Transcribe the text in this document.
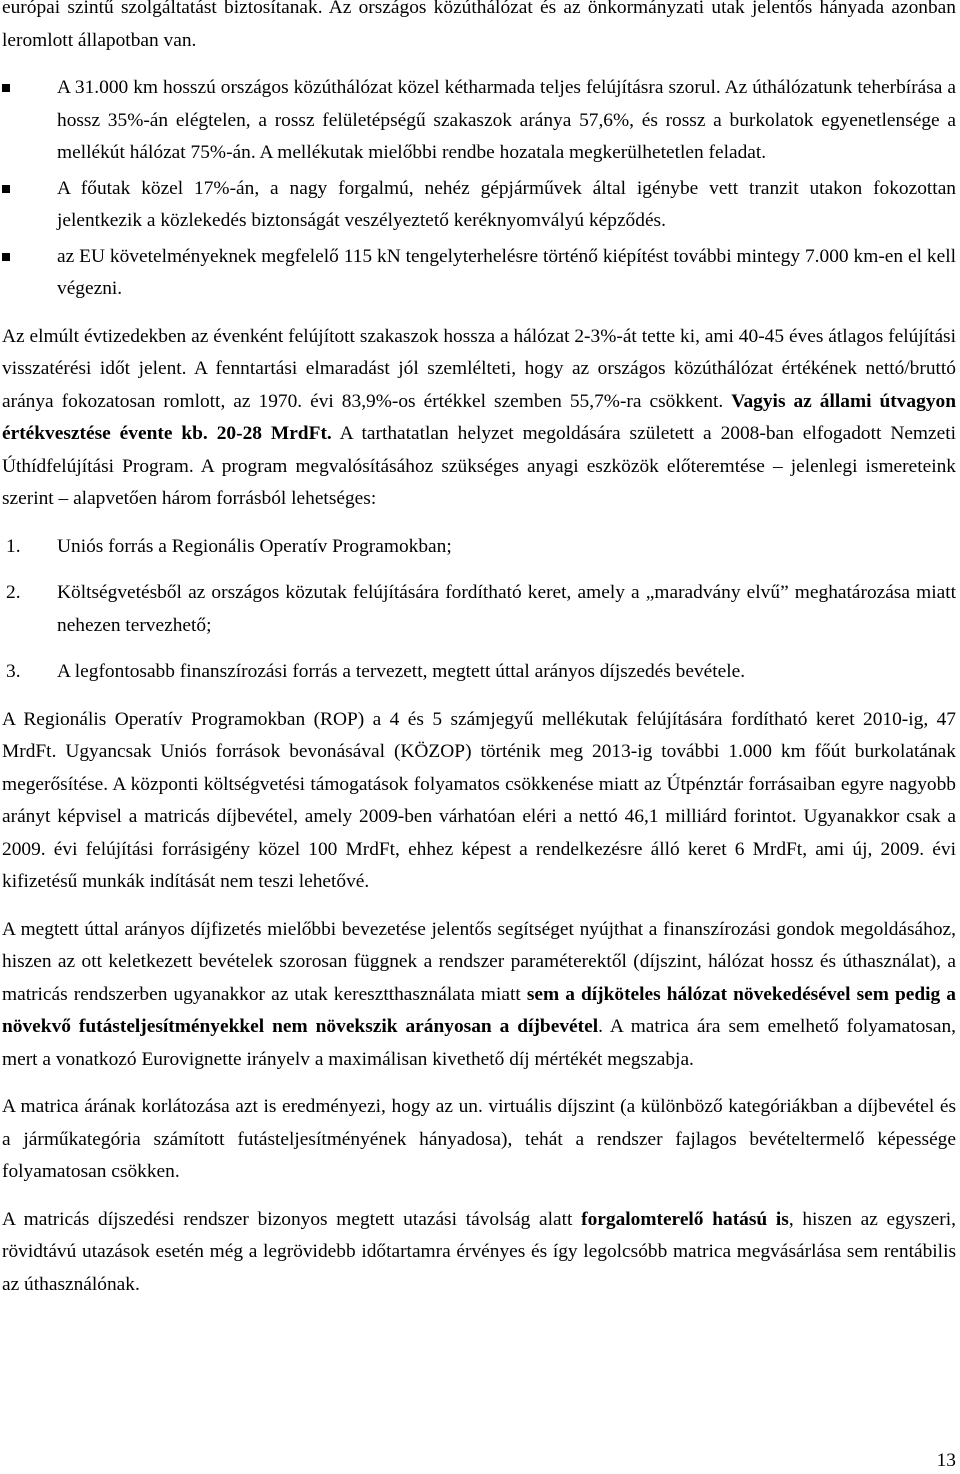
európai szintű szolgáltatást biztosítanak. Az országos közúthálózat és az önkormányzati utak jelentős hányada azonban leromlott állapotban van.

A 31.000 km hosszú országos közúthálózat közel kétharmada teljes felújításra szorul. Az úthálózatunk teherbírása a hossz 35%-án elégtelen, a rossz felületépségű szakaszok aránya 57,6%, és rossz a burkolatok egyenetlensége a mellékút hálózat 75%-án. A mellékutak mielőbbi rendbe hozatala megkerülhetetlen feladat.
A főutak közel 17%-án, a nagy forgalmú, nehéz gépjárművek által igénybe vett tranzit utakon fokozottan jelentkezik a közlekedés biztonságát veszélyeztető keréknyomvályú képződés.
az EU követelményeknek megfelelő 115 kN tengelyterhelésre történő kiépítést további mintegy 7.000 km-en el kell végezni.

Az elmúlt évtizedekben az évenként felújított szakaszok hossza a hálózat 2-3%-át tette ki, ami 40-45 éves átlagos felújítási visszatérési időt jelent. A fenntartási elmaradást jól szemlélteti, hogy az országos közúthálózat értékének nettó/bruttó aránya fokozatosan romlott, az 1970. évi 83,9%-os értékkel szemben 55,7%-ra csökkent. Vagyis az állami útvagyon értékvesztése évente kb. 20-28 MrdFt. A tarthatatlan helyzet megoldására született a 2008-ban elfogadott Nemzeti Úthídfelújítási Program. A program megvalósításához szükséges anyagi eszközök előteremtése – jelenlegi ismereteink szerint – alapvetően három forrásból lehetséges:

1.	Uniós forrás a Regionális Operatív Programokban;
2.	Költségvetésből az országos közutak felújítására fordítható keret, amely a „maradvány elvű” meghatározása miatt nehezen tervezhető;
3.	A legfontosabb finanszírozási forrás a tervezett, megtett úttal arányos díjszedés bevétele.

A Regionális Operatív Programokban (ROP) a 4 és 5 számjegyű mellékutak felújítására fordítható keret 2010-ig, 47 MrdFt. Ugyancsak Uniós források bevonásával (KÖZOP) történik meg 2013-ig további 1.000 km főút burkolatának megerősítése. A központi költségvetési támogatások folyamatos csökkenése miatt az Útpénztár forrásaiban egyre nagyobb arányt képvisel a matricás díjbevétel, amely 2009-ben várhatóan eléri a nettó 46,1 milliárd forintot. Ugyanakkor csak a 2009. évi felújítási forrásigény közel 100 MrdFt, ehhez képest a rendelkezésre álló keret 6 MrdFt, ami új, 2009. évi kifizetésű munkák indítását nem teszi lehetővé.

A megtett úttal arányos díjfizetés mielőbbi bevezetése jelentős segítséget nyújthat a finanszírozási gondok megoldásához, hiszen az ott keletkezett bevételek szorosan függnek a rendszer paraméterektől (díjszint, hálózat hossz és úthasználat), a matricás rendszerben ugyanakkor az utak keresztthasználata miatt sem a díjköteles hálózat növekedésével sem pedig a növekvő futásteljesítményekkel nem növekszik arányosan a díjbevétel. A matrica ára sem emelhető folyamatosan, mert a vonatkozó Eurovignette irányelv a maximálisan kivethető díj mértékét megszabja.

A matrica árának korlátozása azt is eredményezi, hogy az un. virtuális díjszint (a különböző kategóriákban a díjbevétel és a járműkategória számított futásteljesítményének hányadosa), tehát a rendszer fajlagos bevételtermelő képessége folyamatosan csökken.

A matricás díjszedési rendszer bizonyos megtett utazási távolság alatt forgalomterelő hatású is, hiszen az egyszeri, rövidtávú utazások esetén még a legrövidebb időtartamra érvényes és így legolcsóbb matrica megvásárlása sem rentábilis az úthasználónak.

13
